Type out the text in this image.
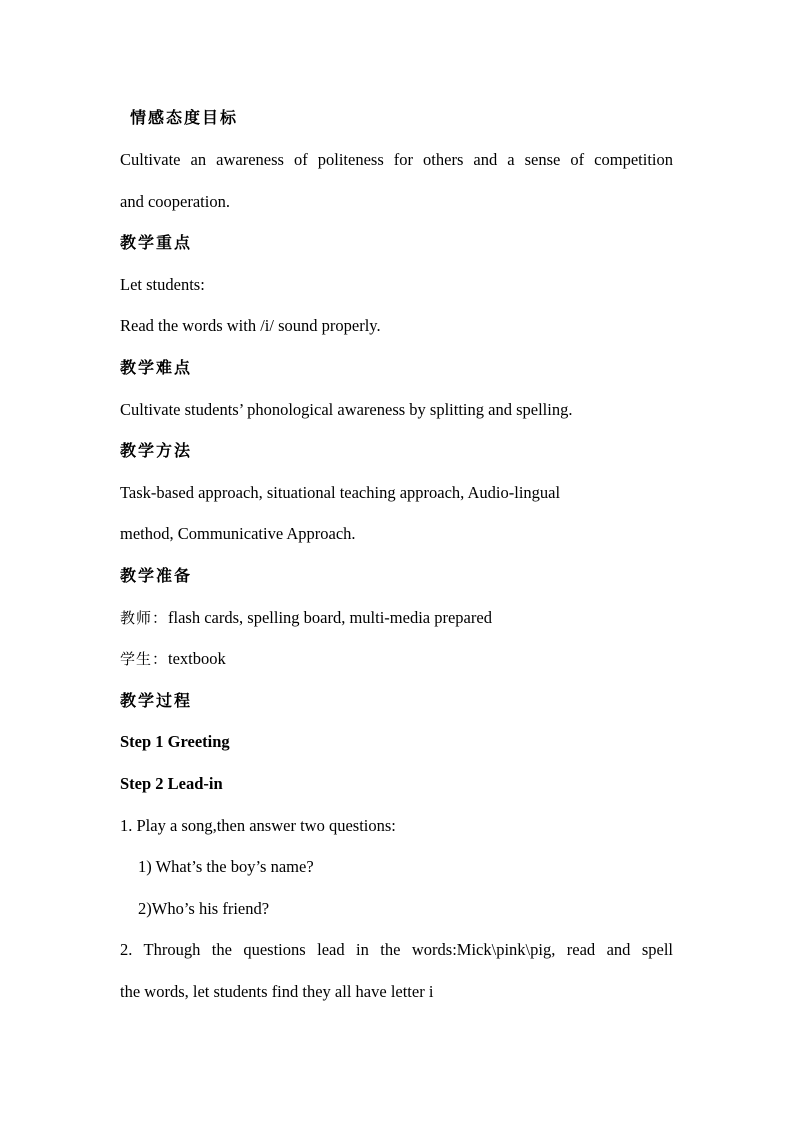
情感态度目标
Cultivate an awareness of politeness for others and a sense of competition
and cooperation.
教学重点
Let students:
Read the words with /i/ sound properly.
教学难点
Cultivate students’ phonological awareness by splitting and spelling.
教学方法
Task-based approach, situational teaching approach, Audio-lingual
method, Communicative Approach.
教学准备
教师：flash cards, spelling board, multi-media prepared
学生：textbook
教学过程
Step 1 Greeting
Step 2 Lead-in
1. Play a song,then answer two questions:
1) What’s the boy’s name?
2)Who’s his friend?
2. Through the questions lead in the words:Mick\pink\pig, read and spell
the words, let students find they all have letter i
